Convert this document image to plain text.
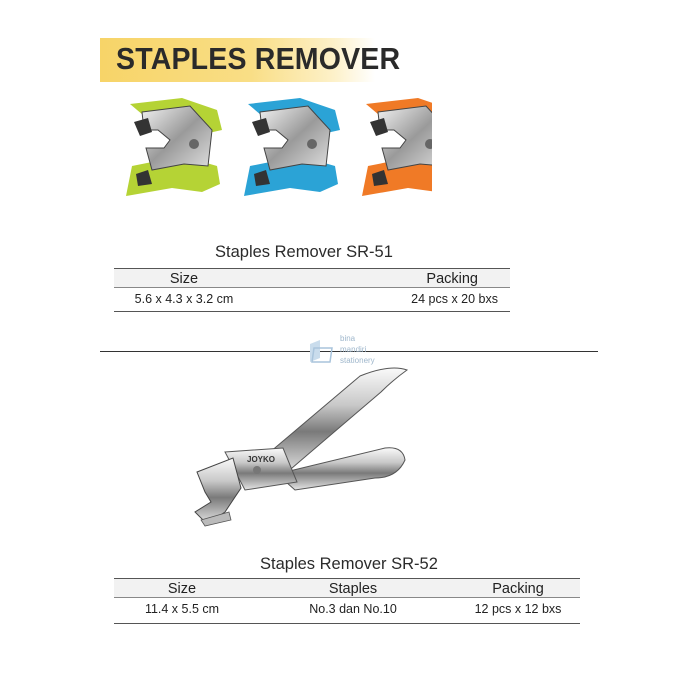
STAPLES REMOVER
Staples Remover SR-51
Size	Packing
5.6 x 4.3 x 3.2 cm	24 pcs x 20 bxs
bina
mandiri
stationery
JOYKO
Staples Remover SR-52
Size	Staples	Packing
11.4 x 5.5 cm	No.3 dan No.10	12 pcs x 12 bxs
